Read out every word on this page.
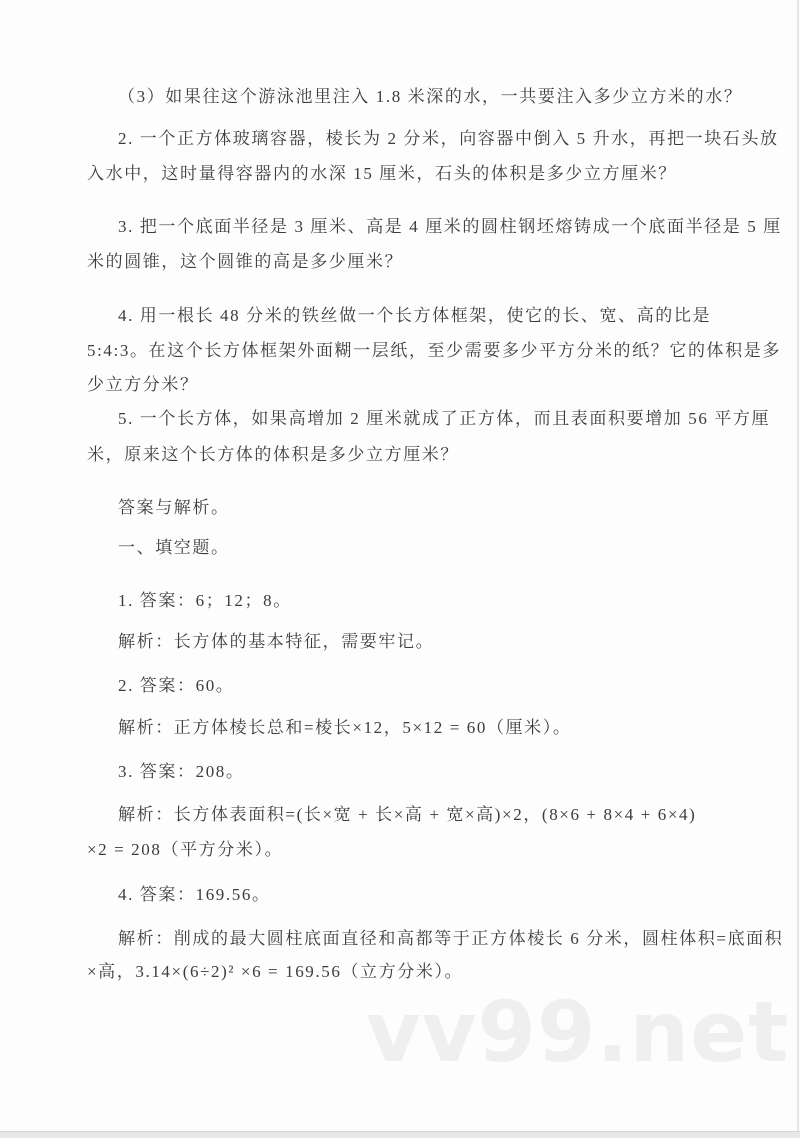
（3）如果往这个游泳池里注入 1.8 米深的水，一共要注入多少立方米的水？
2. 一个正方体玻璃容器，棱长为 2 分米，向容器中倒入 5 升水，再把一块石头放
入水中，这时量得容器内的水深 15 厘米，石头的体积是多少立方厘米？
3. 把一个底面半径是 3 厘米、高是 4 厘米的圆柱钢坯熔铸成一个底面半径是 5 厘
米的圆锥，这个圆锥的高是多少厘米？
4. 用一根长 48 分米的铁丝做一个长方体框架，使它的长、宽、高的比是
5:4:3。在这个长方体框架外面糊一层纸，至少需要多少平方分米的纸？它的体积是多
少立方分米？
5. 一个长方体，如果高增加 2 厘米就成了正方体，而且表面积要增加 56 平方厘
米，原来这个长方体的体积是多少立方厘米？
答案与解析。
一、填空题。
1. 答案：6；12；8。
解析：长方体的基本特征，需要牢记。
2. 答案：60。
解析：正方体棱长总和=棱长×12，5×12 = 60（厘米）。
3. 答案：208。
解析：长方体表面积=(长×宽 + 长×高 + 宽×高)×2，(8×6 + 8×4 + 6×4)
×2 = 208（平方分米）。
4. 答案：169.56。
解析：削成的最大圆柱底面直径和高都等于正方体棱长 6 分米，圆柱体积=底面积
×高，3.14×(6÷2)² ×6 = 169.56（立方分米）。
vv99.net
